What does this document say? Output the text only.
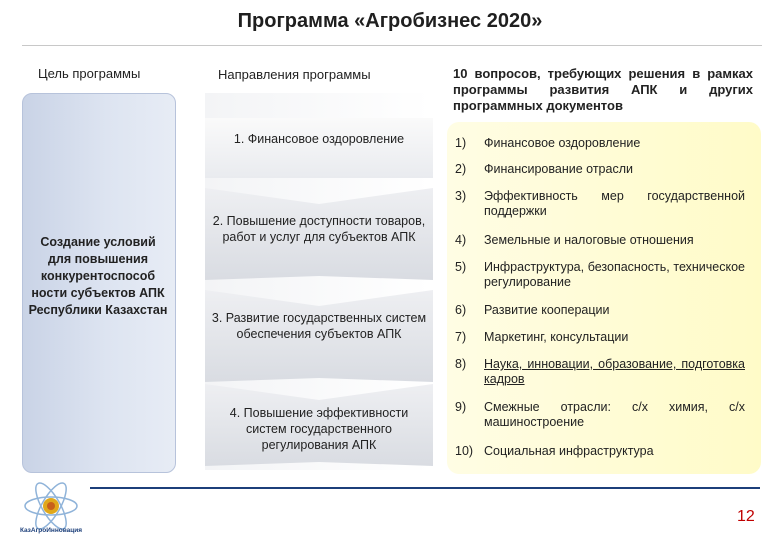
Программа «Агробизнес 2020»
Цель программы	Направления программы	10 вопросов, требующих решения в рамках программы развития АПК и других программных документов
Создание условий для повышения конкурентоспособ ности субъектов АПК Республики Казахстан
1. Финансовое оздоровление
2. Повышение доступности товаров, работ и услуг для субъектов АПК
3. Развитие государственных систем обеспечения субъектов АПК
4. Повышение эффективности систем государственного регулирования АПК
1)	Финансовое оздоровление
2)	Финансирование отрасли
3)	Эффективность мер государственной поддержки
4)	Земельные и налоговые отношения
5)	Инфраструктура, безопасность, техническое регулирование
6)	Развитие кооперации
7)	Маркетинг, консультации
8)	Наука, инновации, образование, подготовка кадров
9)	Смежные отрасли: с/х химия, с/х машиностроение
10) Социальная инфраструктура
КазАгроИнновация
12
